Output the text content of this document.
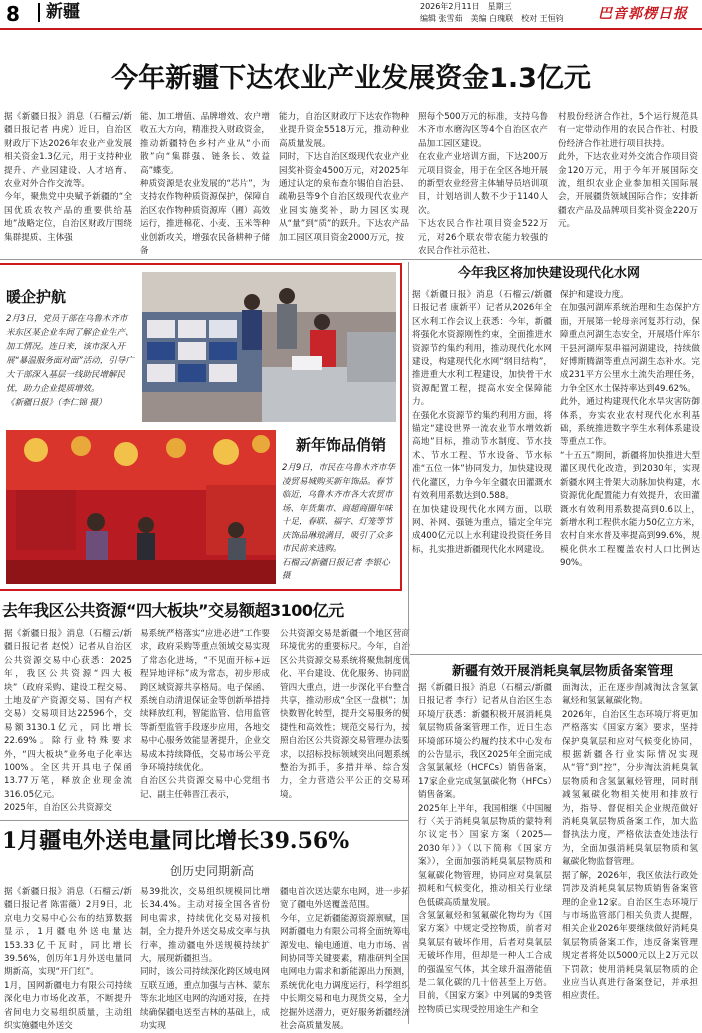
8	新疆	2026年2月11日　星期三
编辑 张雪茹　美编 白瑰联　校对 王恒钧 巴音郭楞日报
今年新疆下达农业产业发展资金1.3亿元
据《新疆日报》消息（石榴云/新疆日报记者 冉虎）近日，自治区财政厅下达2026年农业产业发展相关资金1.3亿元，用于支持种业提升、产业园建设、人才培育、农业对外合作交流等。
今年，聚焦党中央赋予新疆的“全国优质农牧产品的重要供给基地”战略定位，自治区财政厅围绕集群提质、主体强
能、加工增值、品牌增效、农户增收五大方向，精准投入财政资金，推动新疆特色乡村产业从“小而散”向“集群强、链条长、效益高”蝶变。
种质资源是农业发展的“芯片”，为支持农作物种质资源保护，保障自治区农作物种质资源库（圃）高效运行，推进棉花、小麦、玉米等种业创新攻关，增强农民备耕种子储备
能力，自治区财政厅下达农作物种业提升资金5518万元，推动种业高质量发展。
同时，下达自治区级现代农业产业园奖补资金4500万元，对2025年通过认定的泉布查尔锡伯自治县、疏勒县等9个自治区级现代农业产业园实施奖补，助力园区实现从“量”到“质”的跃升。下达农产品加工园区项目资金2000万元，按
照每个500万元的标准，支持乌鲁木齐市水磨沟区等4个自治区农产品加工园区建设。
在农业产业培训方面，下达200万元项目资金，用于在全区各地开展的新型农业经营主体辅导员培训项目，计划培训人数不少于1140人次。
下达农民合作社项目资金522万元，对26个联农带农能力较强的农民合作社示范社、
村股份经济合作社，5个运行规范具有一定带动作用的农民合作社、村股份经济合作社进行项目扶持。
此外，下达农业对外交流合作项目资金120万元，用于今年开展国际交流，组织农业企业参加相关国际展会，开展疆货领域国际合作；安排新疆农产品及品牌项目奖补资金220万元。
暖企护航
2月3日，党员干部在乌鲁木齐市米东区某企业车间了解企业生产、加工情况。连日来，该市深入开展“暴温服务面对面”活动，引导广大干部深入基层一线助民增解民忧，助力企业提质增效。
《新疆日报》（李仁锦 摄）
新年饰品俏销
2月9日，市民在乌鲁木齐市华凌贸易城购买新年饰品。春节临近，乌鲁木齐市各大农贸市场、年货集市、商超商圈年味十足，春联、福字、灯笼等节庆饰品琳琅满目，吸引了众多市民前来选购。
石榴云/新疆日报记者 李银心 摄
今年我区将加快建设现代化水网
据《新疆日报》消息（石榴云/新疆日报记者 康新平）记者从2026年全区水利工作会议上获悉：今年，新疆将强化水资源刚性约束，全面推进水资源节约集约利用，推动现代化水网建设，构建现代化水网“纲目结构”，推进重大水利工程建设，加快骨干水资源配置工程，提高水安全保障能力。
在强化水资源节约集约利用方面，将锚定“建设世界一流农业节水增效新高地”目标，推动节水制度、节水技术、节水工程、节水设备、节水标准“五位一体”协同发力，加快建设现代化灌区，力争今年全疆农田灌溉水有效利用系数达到0.588。
在加快建设现代化水网方面，以联网、补网、强链为重点，锚定全年完成400亿元以上水利建设投资任务目标，扎实推进新疆现代化水网建设。
保护和建设力度。
在加强河湖库系统治理和生态保护方面，开展第一轮母亲河复苏行动，保障重点河湖生态安全，开展塔什库尔干县河湖库泵串福河湖建设，持续做好博斯腾湖等重点河湖生态补水。完成231平方公里水土流失治理任务，力争全区水土保持率达到49.62%。
此外，通过构建现代化水旱灾害防御体系，夯实农业农村现代化水利基础，系统推进数字孪生水利体系建设等重点工作。
“十五五”期间，新疆将加快推进大型灌区现代化改造，到2030年，实现新疆水网主骨架大动脉加快构建，水资源优化配置能力有效提升，农田灌溉水有效利用系数提高到0.6以上，新增水利工程供水能力50亿立方米，农村自来水普及率提高到99.6%，规模化供水工程覆盖农村人口比例达90%。
去年我区公共资源“四大板块”交易额超3100亿元
据《新疆日报》消息（石榴云/新疆日报记者 赵悦）记者从自治区公共资源交易中心获悉：2025年，我区公共资源“四大板块”（政府采购、建设工程交易、土地及矿产资源交易、国有产权交易）交易项目达22596个，交易额3130.1亿元，同比增长22.69%。除行业特殊要求外，“四大板块”业务电子化率达100%。全区共开具电子保函13.77万笔，释放企业现金流316.05亿元。
2025年，自治区公共资源交
易系统严格落实“应进必进”工作要求，政府采购等重点领域交易实现了常态化进场，“不见面开标+远程异地评标”成为常态，初步形成跨区域资源共享格局。电子保函、系统自动清退保证金等创新举措持续释放红利，智能监管、信用监管等新型监管手段逐步应用，各地交易中心服务效能显著提升，企业交易成本持续降低，交易市场公平竞争环境持续优化。
自治区公共资源交易中心党组书记、副主任韩晋江表示，
公共资源交易是新疆一个地区营商环境优劣的重要标尺。今年，自治区公共资源交易系统将聚焦制度优化、平台建设、优化服务、协同监管四大重点，进一步深化平台整合共享，推动形成“全区一盘棋”；加快数智化转型，提升交易服务的便捷性和高效性；规范交易行为，按照自治区公共资源交易管理办法要求，以招标投标领域突出问题系统整治为抓手，多措并举、综合发力，全力营造公平公正的交易环境。
新疆有效开展消耗臭氧层物质备案管理
据《新疆日报》消息（石榴云/新疆日报记者 李行）记者从自治区生态环境厅获悉：新疆积极开展消耗臭氧层物质备案管理工作，近日生态环境部环境公约履约技术中心发布的公告显示，我区2025年全面完成含氢氯氟烃（HCFCs）销售备案，17家企业完成氢氯碳化物（HFCs）销售备案。
2025年上半年，我国相继《中国履行〈关于消耗臭氧层物质的蒙特利尔议定书〉国家方案（2025—2030年）》（以下简称《国家方案》），全面加强消耗臭氧层物质和氢氟碳化物管理，协同应对臭氧层损耗和气候变化，推动相关行业绿色低碳高质量发展。
含氢氯氟烃和氢氟碳化物均为《国家方案》中规定受控物质，前者对臭氧层有破坏作用，后者对臭氧层无破坏作用，但却是一种人工合成的强温室气体，其全球升温潜能值是二氧化碳的几十倍甚至上万倍。目前，《国家方案》中列属的9类管控物质已实现受控用途生产和全
面淘汰，正在逐步削减淘汰含氢氯氟烃和氢氯氟碳化物。
2026年，自治区生态环境厅将更加严格落实《国家方案》要求，坚持保护臭氧层和应对气候变化协同，根据新疆各行业实际情况实现从“管”到“控”，分步淘汰消耗臭氧层物质和含氢氯氟烃管理，同时削减氢氟碳化物相关使用和排放行为，指导、督促相关企业规范做好消耗臭氧层物质备案工作，加大监督执法力度，严格依法查处违法行为，全面加强消耗臭氧层物质和氢氟碳化物监督管理。
据了解，2026年，我区依法行政处罚涉及消耗臭氧层物质销售备案管理的企业12家。自治区生态环境厅与市场监管部门相关负责人提醒，相关企业2026年要继续做好消耗臭氧层物质备案工作，违反备案管理规定者将处以5000元以上2万元以下罚款；使用消耗臭氧层物质的企业应当认真进行备案登记，并承担相应责任。
1月疆电外送电量同比增长39.56%
创历史同期新高
据《新疆日报》消息（石榴云/新疆日报记者 陈雷薇）2月9日，北京电力交易中心公布的结算数据显示，1月疆电外送电量达153.33亿千瓦时，同比增长39.56%，创历年1月外送电量同期新高，实现“开门红”。
1月，国网新疆电力有限公司持续深化电力市场化改革，不断提升省间电力交易组织质量，主动组织实施疆电外送交
易39批次，交易组织规模同比增长34.4%。主动对接全国各省份间电需求，持续优化交易对接机制，全力提升外送交易成交率与执行率，推动疆电外送规模持续扩大，展现新疆担当。
同时，该公司持续深化跨区域电网互联互通，重点加强与吉林、蒙东等东北地区电网的沟通对接，在持续确保疆电送至吉林的基础上，成功实现
疆电首次送达蒙东电网，进一步拓宽了疆电外送覆盖范围。
今年，立足新疆能源资源禀赋，国网新疆电力有限公司将全面统筹电源发电、输电通道、电力市场、省间协同等关键要素，精准研判全国电网电力需求和新能源出力预测，系统优化电力调度运行，科学组织中长期交易和电力现货交易，全力挖掘外送潜力，更好服务新疆经济社会高质量发展。
